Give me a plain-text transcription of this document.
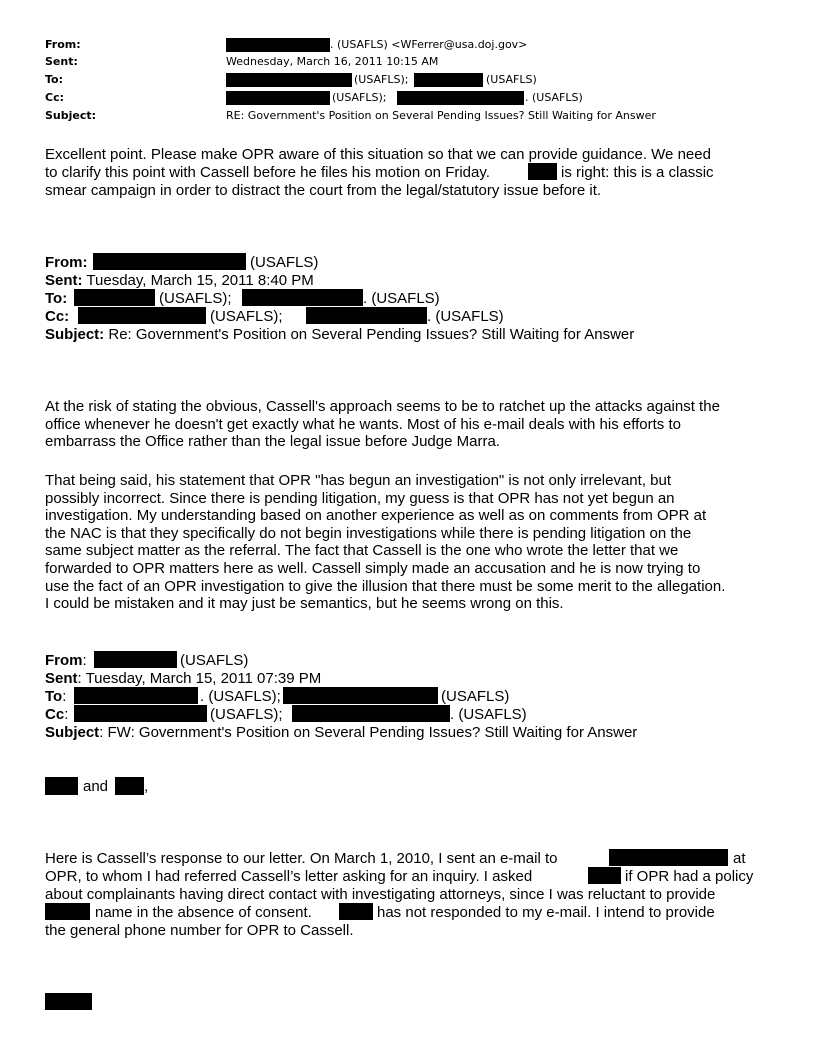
From:	. (USAFLS) <WFerrer@usa.doj.gov>
Sent:	Wednesday, March 16, 2011 10:15 AM
To:	(USAFLS);	(USAFLS)
Cc:	(USAFLS);	. (USAFLS)
Subject:	RE: Government's Position on Several Pending Issues? Still Waiting for Answer
Excellent point. Please make OPR aware of this situation so that we can provide guidance. We need
to clarify this point with Cassell before he files his motion on Friday.	is right: this is a classic
smear campaign in order to distract the court from the legal/statutory issue before it.
From:	(USAFLS)
Sent: Tuesday, March 15, 2011 8:40 PM
To:	(USAFLS);	. (USAFLS)
Cc:	(USAFLS);	. (USAFLS)
Subject: Re: Government's Position on Several Pending Issues? Still Waiting for Answer
At the risk of stating the obvious, Cassell's approach seems to be to ratchet up the attacks against the
office whenever he doesn't get exactly what he wants. Most of his e-mail deals with his efforts to
embarrass the Office rather than the legal issue before Judge Marra.
That being said, his statement that OPR "has begun an investigation" is not only irrelevant, but
possibly incorrect. Since there is pending litigation, my guess is that OPR has not yet begun an
investigation. My understanding based on another experience as well as on comments from OPR at
the NAC is that they specifically do not begin investigations while there is pending litigation on the
same subject matter as the referral. The fact that Cassell is the one who wrote the letter that we
forwarded to OPR matters here as well. Cassell simply made an accusation and he is now trying to
use the fact of an OPR investigation to give the illusion that there must be some merit to the allegation.
I could be mistaken and it may just be semantics, but he seems wrong on this.
From:	(USAFLS)
Sent: Tuesday, March 15, 2011 07:39 PM
To:	. (USAFLS);	(USAFLS)
Cc:	(USAFLS);	. (USAFLS)
Subject: FW: Government's Position on Several Pending Issues? Still Waiting for Answer
and ,
Here is Cassell’s response to our letter. On March 1, 2010, I sent an e-mail to	at
OPR, to whom I had referred Cassell’s letter asking for an inquiry. I asked	if OPR had a policy
about complainants having direct contact with investigating attorneys, since I was reluctant to provide
name in the absence of consent.	has not responded to my e-mail. I intend to provide
the general phone number for OPR to Cassell.
